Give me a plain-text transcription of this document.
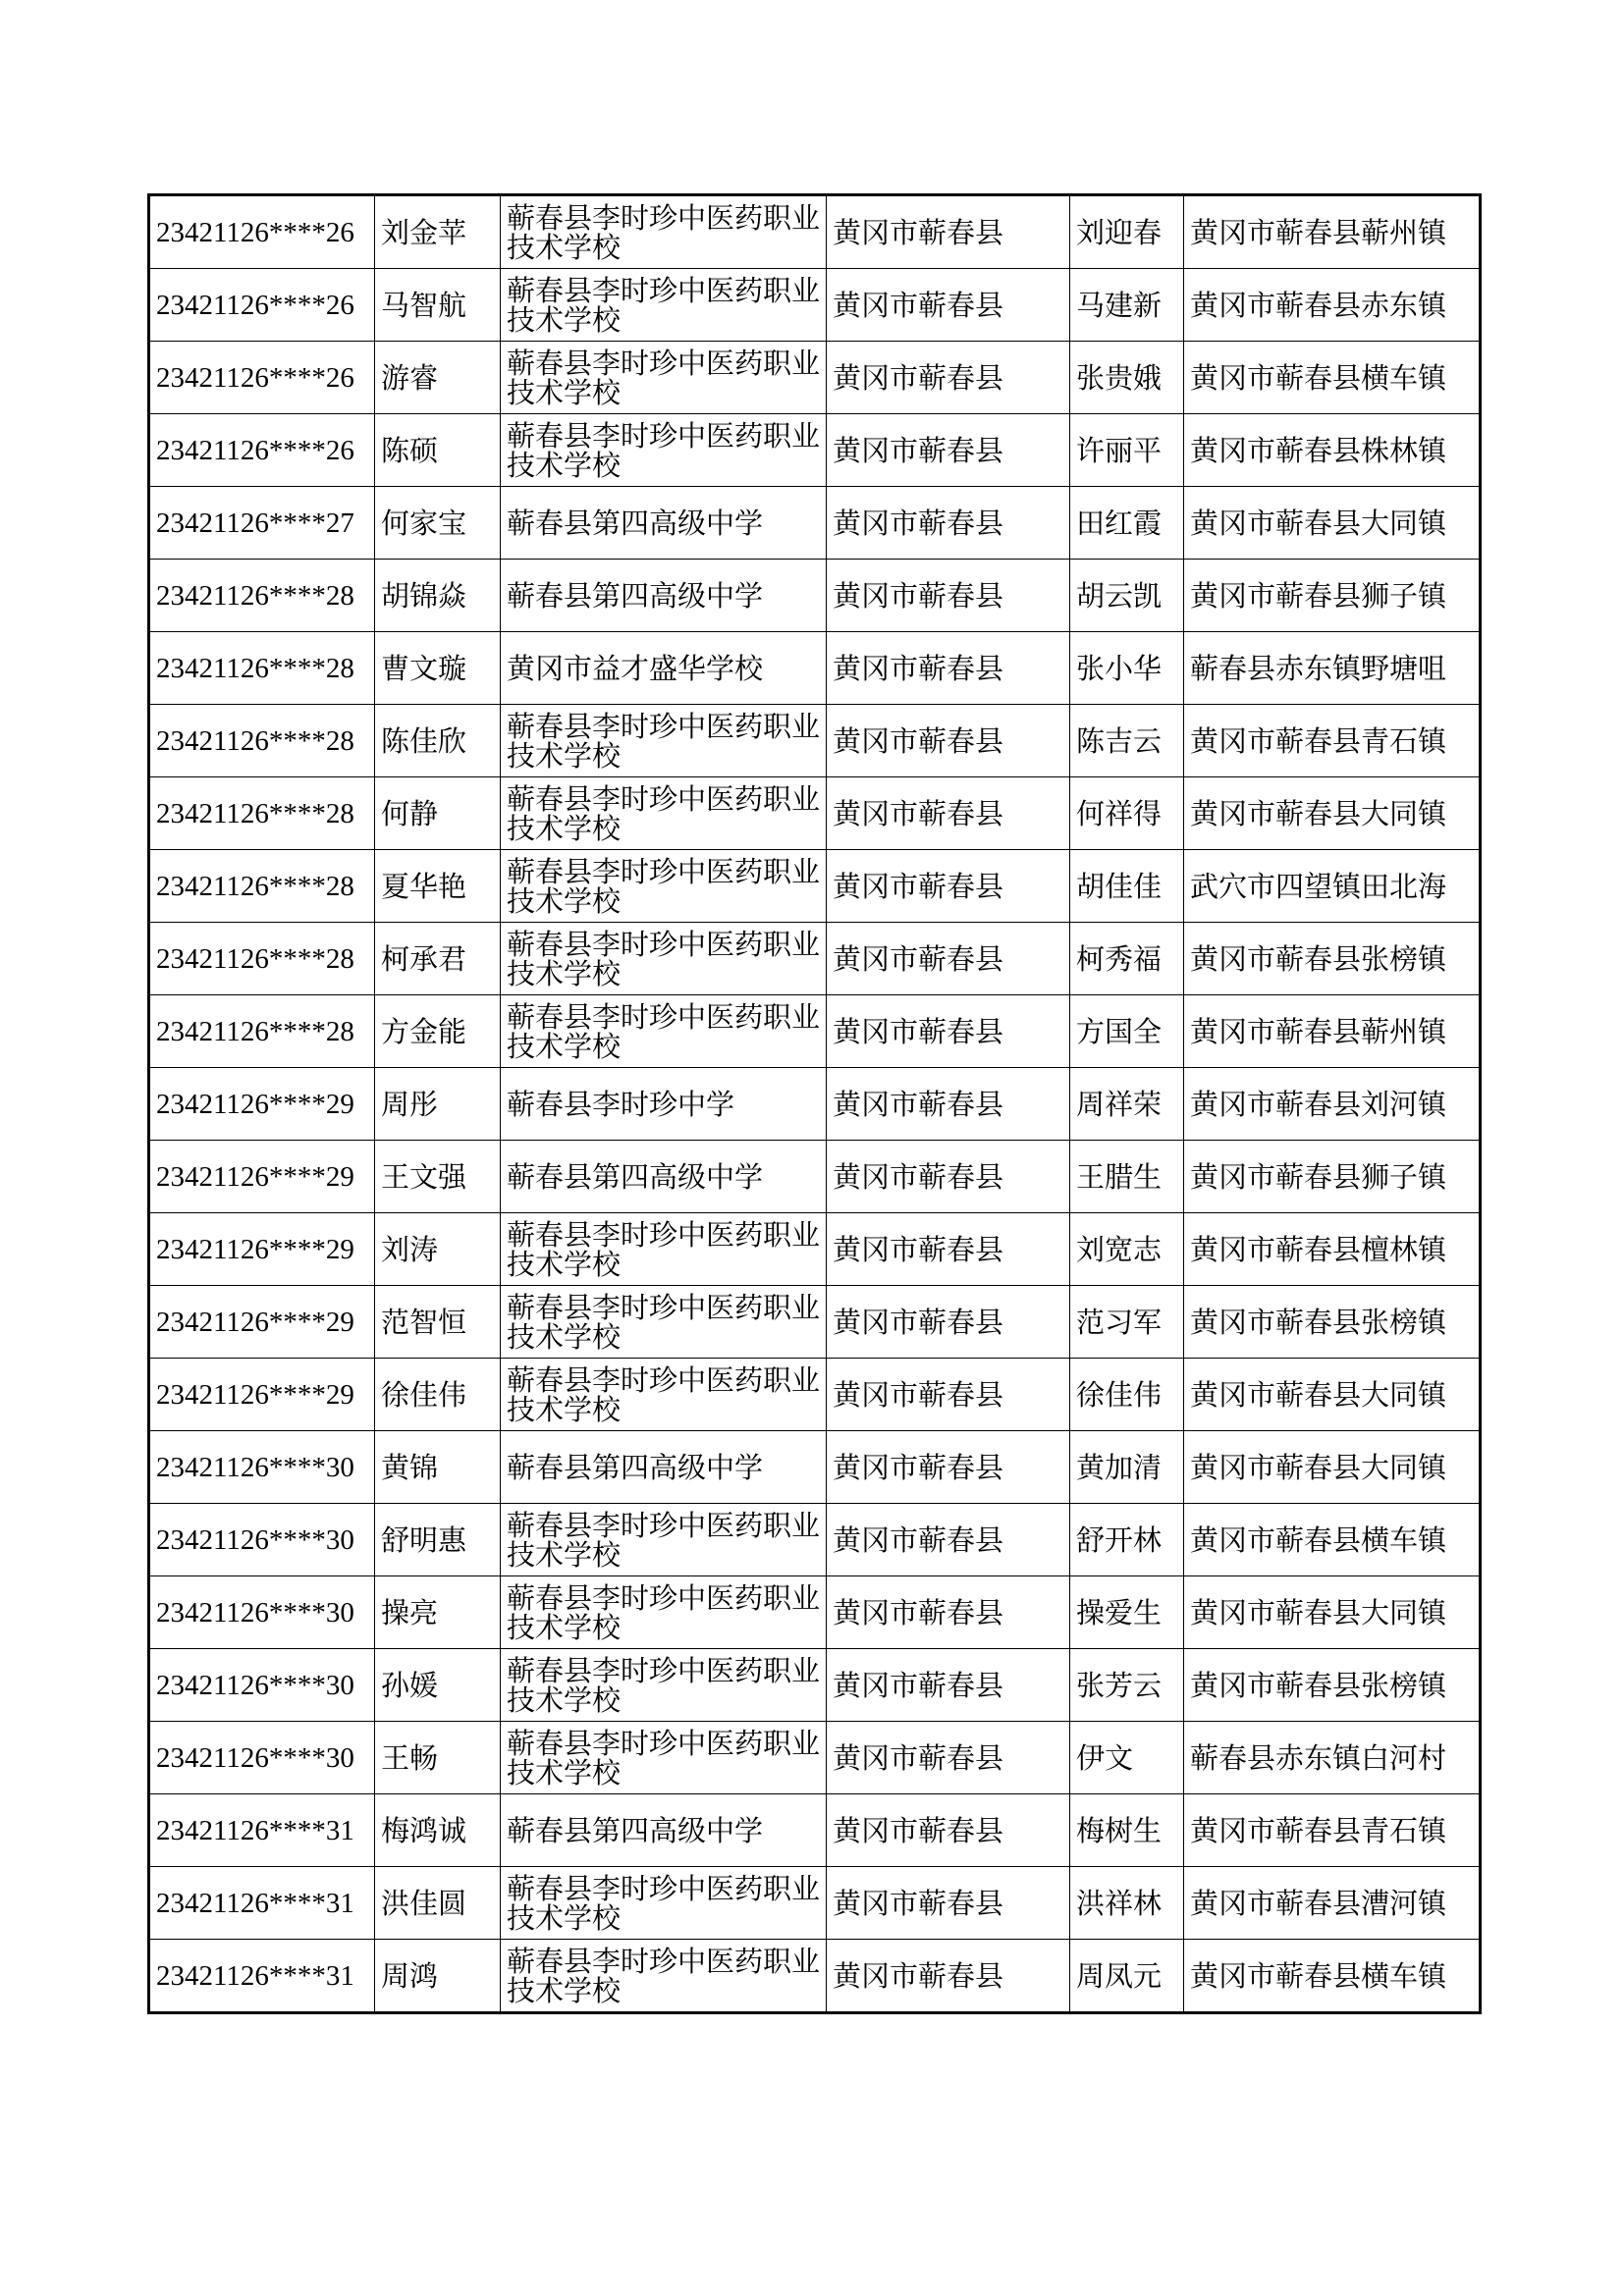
23421126****26	刘金苹	蕲春县李时珍中医药职业技术学校	黄冈市蕲春县	刘迎春	黄冈市蕲春县蕲州镇
23421126****26	马智航	蕲春县李时珍中医药职业技术学校	黄冈市蕲春县	马建新	黄冈市蕲春县赤东镇
23421126****26	游睿	蕲春县李时珍中医药职业技术学校	黄冈市蕲春县	张贵娥	黄冈市蕲春县横车镇
23421126****26	陈硕	蕲春县李时珍中医药职业技术学校	黄冈市蕲春县	许丽平	黄冈市蕲春县株林镇
23421126****27	何家宝	蕲春县第四高级中学	黄冈市蕲春县	田红霞	黄冈市蕲春县大同镇
23421126****28	胡锦焱	蕲春县第四高级中学	黄冈市蕲春县	胡云凯	黄冈市蕲春县狮子镇
23421126****28	曹文璇	黄冈市益才盛华学校	黄冈市蕲春县	张小华	蕲春县赤东镇野塘咀
23421126****28	陈佳欣	蕲春县李时珍中医药职业技术学校	黄冈市蕲春县	陈吉云	黄冈市蕲春县青石镇
23421126****28	何静	蕲春县李时珍中医药职业技术学校	黄冈市蕲春县	何祥得	黄冈市蕲春县大同镇
23421126****28	夏华艳	蕲春县李时珍中医药职业技术学校	黄冈市蕲春县	胡佳佳	武穴市四望镇田北海
23421126****28	柯承君	蕲春县李时珍中医药职业技术学校	黄冈市蕲春县	柯秀福	黄冈市蕲春县张榜镇
23421126****28	方金能	蕲春县李时珍中医药职业技术学校	黄冈市蕲春县	方国全	黄冈市蕲春县蕲州镇
23421126****29	周彤	蕲春县李时珍中学	黄冈市蕲春县	周祥荣	黄冈市蕲春县刘河镇
23421126****29	王文强	蕲春县第四高级中学	黄冈市蕲春县	王腊生	黄冈市蕲春县狮子镇
23421126****29	刘涛	蕲春县李时珍中医药职业技术学校	黄冈市蕲春县	刘宽志	黄冈市蕲春县檀林镇
23421126****29	范智恒	蕲春县李时珍中医药职业技术学校	黄冈市蕲春县	范习军	黄冈市蕲春县张榜镇
23421126****29	徐佳伟	蕲春县李时珍中医药职业技术学校	黄冈市蕲春县	徐佳伟	黄冈市蕲春县大同镇
23421126****30	黄锦	蕲春县第四高级中学	黄冈市蕲春县	黄加清	黄冈市蕲春县大同镇
23421126****30	舒明惠	蕲春县李时珍中医药职业技术学校	黄冈市蕲春县	舒开林	黄冈市蕲春县横车镇
23421126****30	操亮	蕲春县李时珍中医药职业技术学校	黄冈市蕲春县	操爱生	黄冈市蕲春县大同镇
23421126****30	孙媛	蕲春县李时珍中医药职业技术学校	黄冈市蕲春县	张芳云	黄冈市蕲春县张榜镇
23421126****30	王畅	蕲春县李时珍中医药职业技术学校	黄冈市蕲春县	伊文	蕲春县赤东镇白河村
23421126****31	梅鸿诚	蕲春县第四高级中学	黄冈市蕲春县	梅树生	黄冈市蕲春县青石镇
23421126****31	洪佳圆	蕲春县李时珍中医药职业技术学校	黄冈市蕲春县	洪祥林	黄冈市蕲春县漕河镇
23421126****31	周鸿	蕲春县李时珍中医药职业技术学校	黄冈市蕲春县	周凤元	黄冈市蕲春县横车镇
